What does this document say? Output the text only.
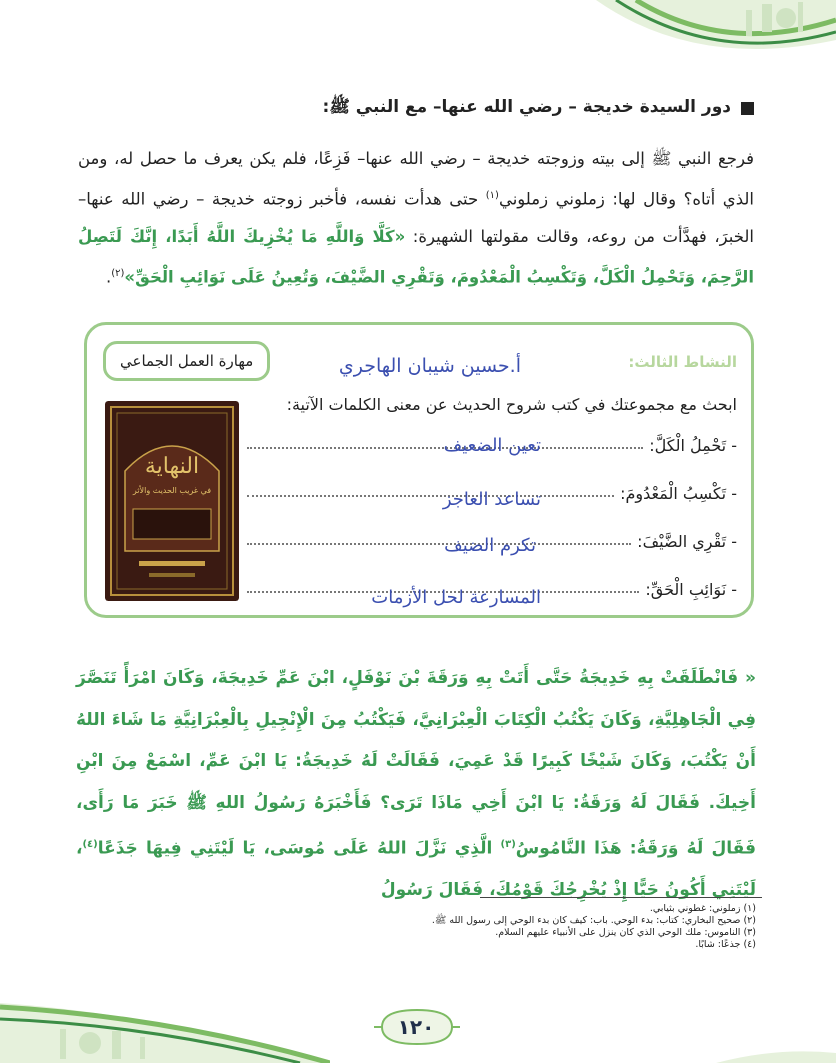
دور السيدة خديجة – رضي الله عنها– مع النبي ﷺ:
فرجع النبي ﷺ إلى بيته وزوجته خديجة – رضي الله عنها– فَزِعًا، فلم يكن يعرف ما حصل له، ومن الذي أتاه؟ وقال لها: زملوني زملوني$^{(١)}$ حتى هدأت نفسه، فأخبر زوجته خديجة – رضي الله عنها– الخبرَ، فهدَّأت من روعه، وقالت مقولتها الشهيرة: «كَلَّا وَاللَّهِ مَا يُخْزِيكَ اللَّهُ أَبَدًا، إِنَّكَ لَتَصِلُ الرَّحِمَ، وَتَحْمِلُ الْكَلَّ، وَتَكْسِبُ الْمَعْدُومَ، وَتَقْرِي الضَّيْفَ، وَتُعِينُ عَلَى نَوَائِبِ الْحَقِّ»$^{(٢)}$.
النشاط الثالث:
مهارة العمل الجماعي	أ.حسين شيبان الهاجري
ابحث مع مجموعتك في كتب شروح الحديث عن معنى الكلمات الآتية:
- تَحْمِلُ الْكَلَّ:
- تَكْسِبُ الْمَعْدُومَ:
- تَقْرِي الضَّيْفَ:
- نَوَائِبِ الْحَقِّ:
تعين الضعيف
تساعد العاجز
تكرم الضيف
المسارعة لحل الأزمات
النهاية
في غريب الحديث والأثر
« فَانْطَلَقَتْ بِهِ خَدِيجَةُ حَتَّى أَتَتْ بِهِ وَرَقَةَ بْنَ نَوْفَلٍ، ابْنَ عَمِّ خَدِيجَةَ، وَكَانَ امْرَأً تَنَصَّرَ فِي الْجَاهِلِيَّةِ، وَكَانَ يَكْتُبُ الْكِتَابَ الْعِبْرَانِيَّ، فَيَكْتُبُ مِنَ الْإِنْجِيلِ بِالْعِبْرَانِيَّةِ مَا شَاءَ اللهُ أَنْ يَكْتُبَ، وَكَانَ شَيْخًا كَبِيرًا قَدْ عَمِيَ، فَقَالَتْ لَهُ خَدِيجَةُ: يَا ابْنَ عَمِّ، اسْمَعْ مِنَ ابْنِ أَخِيكَ. فَقَالَ لَهُ وَرَقَةُ: يَا ابْنَ أَخِي مَاذَا تَرَى؟ فَأَخْبَرَهُ رَسُولُ اللهِ ﷺ خَبَرَ مَا رَأَى، فَقَالَ لَهُ وَرَقَةُ: هَذَا النَّامُوسُ$^{(٣)}$ الَّذِي نَزَّلَ اللهُ عَلَى مُوسَى، يَا لَيْتَنِي فِيهَا جَذَعًا$^{(٤)}$، لَيْتَنِي أَكُونُ حَيًّا إِذْ يُخْرِجُكَ قَوْمُكَ، فَقَالَ رَسُولُ
(١) زملوني: غطوني بثيابي.
(٢) صحيح البخاري: كتاب: بدء الوحي. باب: كيف كان بدء الوحي إلى رسول الله ﷺ.
(٣) الناموس: ملك الوحي الذي كان ينزل على الأنبياء عليهم السلام.
(٤) جذعًا: شابًا.
١٢٠
